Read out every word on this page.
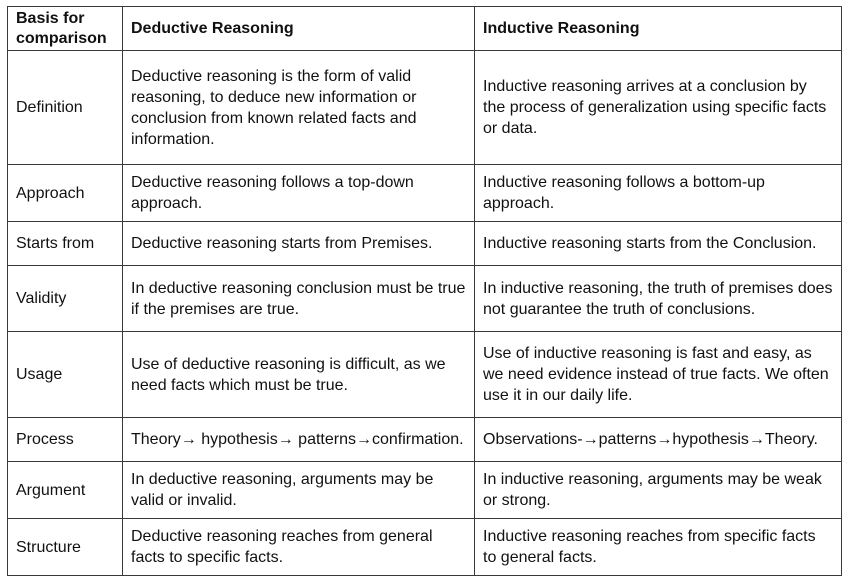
Basis for comparison	Deductive Reasoning	Inductive Reasoning
Definition	Deductive reasoning is the form of valid reasoning, to deduce new information or conclusion from known related facts and information.	Inductive reasoning arrives at a conclusion by the process of generalization using specific facts or data.
Approach	Deductive reasoning follows a top-down approach.	Inductive reasoning follows a bottom-up approach.
Starts from	Deductive reasoning starts from Premises.	Inductive reasoning starts from the Conclusion.
Validity	In deductive reasoning conclusion must be true if the premises are true.	In inductive reasoning, the truth of premises does not guarantee the truth of conclusions.
Usage	Use of deductive reasoning is difficult, as we need facts which must be true.	Use of inductive reasoning is fast and easy, as we need evidence instead of true facts. We often use it in our daily life.
Process	Theory→ hypothesis→ patterns→confirmation.	Observations-→patterns→hypothesis→Theory.
Argument	In deductive reasoning, arguments may be valid or invalid.	In inductive reasoning, arguments may be weak or strong.
Structure	Deductive reasoning reaches from general facts to specific facts.	Inductive reasoning reaches from specific facts to general facts.
